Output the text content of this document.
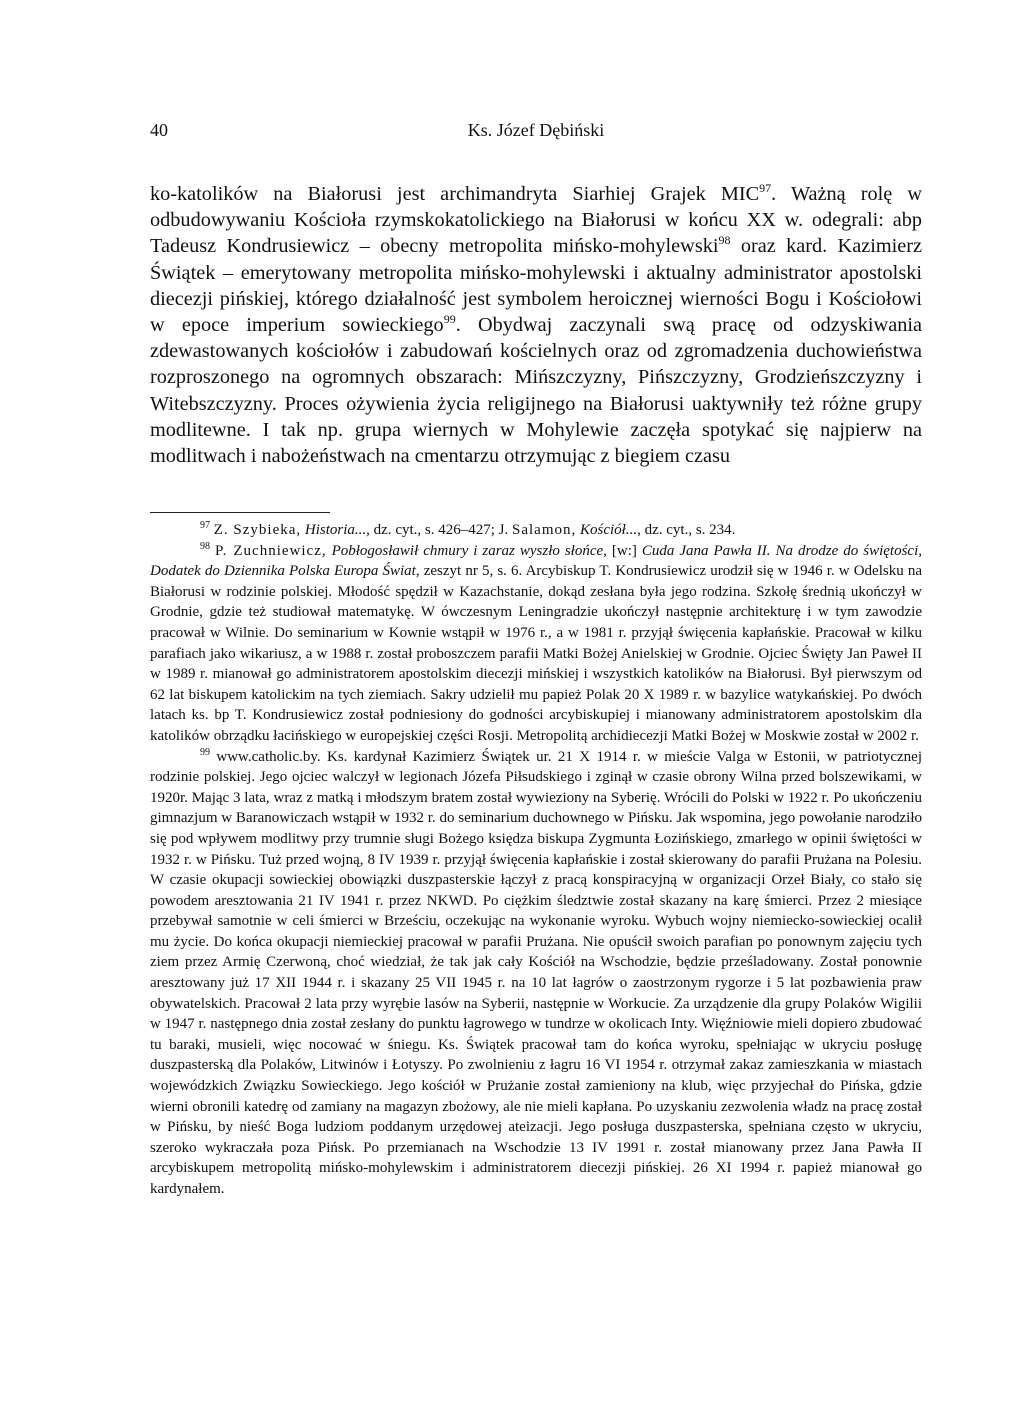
40	Ks. Józef Dębiński

ko-katolików na Białorusi jest archimandryta Siarhiej Grajek MIC$^{97}$. Ważną rolę w odbudowywaniu Kościoła rzymskokatolickiego na Białorusi w końcu XX w. odegrali: abp Tadeusz Kondrusiewicz – obecny metropolita mińsko-mohylewski$^{98}$ oraz kard. Kazimierz Świątek – emerytowany metropolita mińsko-mohylewski i aktualny administrator apostolski diecezji pińskiej, którego działalność jest symbolem heroicznej wierności Bogu i Kościołowi w epoce imperium sowieckiego$^{99}$. Obydwaj zaczynali swą pracę od odzyskiwania zdewastowanych kościołów i zabudowań kościelnych oraz od zgromadzenia duchowieństwa rozproszonego na ogromnych obszarach: Mińszczyzny, Pińszczyzny, Grodzieńszczyzny i Witebszczyzny. Proces ożywienia życia religijnego na Białorusi uaktywniły też różne grupy modlitewne. I tak np. grupa wiernych w Mohylewie zaczęła spotykać się najpierw na modlitwach i nabożeństwach na cmentarzu otrzymując z biegiem czasu

$^{97}$ Z. Szybieka, Historia..., dz. cyt., s. 426–427; J. Salamon, Kościół..., dz. cyt., s. 234.

$^{98}$ P. Zuchniewicz, Pobłogosławił chmury i zaraz wyszło słońce, [w:] Cuda Jana Pawła II. Na drodze do świętości, Dodatek do Dziennika Polska Europa Świat, zeszyt nr 5, s. 6. Arcybiskup T. Kondrusiewicz urodził się w 1946 r. w Odelsku na Białorusi w rodzinie polskiej. Młodość spędził w Kazachstanie, dokąd zesłana była jego rodzina. Szkołę średnią ukończył w Grodnie, gdzie też studiował matematykę. W ówczesnym Leningradzie ukończył następnie architekturę i w tym zawodzie pracował w Wilnie. Do seminarium w Kownie wstąpił w 1976 r., a w 1981 r. przyjął święcenia kapłańskie. Pracował w kilku parafiach jako wikariusz, a w 1988 r. został proboszczem parafii Matki Bożej Anielskiej w Grodnie. Ojciec Święty Jan Paweł II w 1989 r. mianował go administratorem apostolskim diecezji mińskiej i wszystkich katolików na Białorusi. Był pierwszym od 62 lat biskupem katolickim na tych ziemiach. Sakry udzielił mu papież Polak 20 X 1989 r. w bazylice watykańskiej. Po dwóch latach ks. bp T. Kondrusiewicz został podniesiony do godności arcybiskupiej i mianowany administratorem apostolskim dla katolików obrządku łacińskiego w europejskiej części Rosji. Metropolitą archidiecezji Matki Bożej w Moskwie został w 2002 r.

$^{99}$ www.catholic.by. Ks. kardynał Kazimierz Świątek ur. 21 X 1914 r. w mieście Valga w Estonii, w patriotycznej rodzinie polskiej. Jego ojciec walczył w legionach Józefa Piłsudskiego i zginął w czasie obrony Wilna przed bolszewikami, w 1920r. Mając 3 lata, wraz z matką i młodszym bratem został wywieziony na Syberię. Wrócili do Polski w 1922 r. Po ukończeniu gimnazjum w Baranowiczach wstąpił w 1932 r. do seminarium duchownego w Pińsku. Jak wspomina, jego powołanie narodziło się pod wpływem modlitwy przy trumnie sługi Bożego księdza biskupa Zygmunta Łozińskiego, zmarłego w opinii świętości w 1932 r. w Pińsku. Tuż przed wojną, 8 IV 1939 r. przyjął święcenia kapłańskie i został skierowany do parafii Prużana na Polesiu. W czasie okupacji sowieckiej obowiązki duszpasterskie łączył z pracą konspiracyjną w organizacji Orzeł Biały, co stało się powodem aresztowania 21 IV 1941 r. przez NKWD. Po ciężkim śledztwie został skazany na karę śmierci. Przez 2 miesiące przebywał samotnie w celi śmierci w Brześciu, oczekując na wykonanie wyroku. Wybuch wojny niemiecko-sowieckiej ocalił mu życie. Do końca okupacji niemieckiej pracował w parafii Prużana. Nie opuścił swoich parafian po ponownym zajęciu tych ziem przez Armię Czerwoną, choć wiedział, że tak jak cały Kościół na Wschodzie, będzie prześladowany. Został ponownie aresztowany już 17 XII 1944 r. i skazany 25 VII 1945 r. na 10 lat łagrów o zaostrzonym rygorze i 5 lat pozbawienia praw obywatelskich. Pracował 2 lata przy wyrębie lasów na Syberii, następnie w Workucie. Za urządzenie dla grupy Polaków Wigilii w 1947 r. następnego dnia został zesłany do punktu łagrowego w tundrze w okolicach Inty. Więźniowie mieli dopiero zbudować tu baraki, musieli, więc nocować w śniegu. Ks. Świątek pracował tam do końca wyroku, spełniając w ukryciu posługę duszpasterską dla Polaków, Litwinów i Łotyszy. Po zwolnieniu z łagru 16 VI 1954 r. otrzymał zakaz zamieszkania w miastach wojewódzkich Związku Sowieckiego. Jego kościół w Prużanie został zamieniony na klub, więc przyjechał do Pińska, gdzie wierni obronili katedrę od zamiany na magazyn zbożowy, ale nie mieli kapłana. Po uzyskaniu zezwolenia władz na pracę został w Pińsku, by nieść Boga ludziom poddanym urzędowej ateizacji. Jego posługa duszpasterska, spełniana często w ukryciu, szeroko wykraczała poza Pińsk. Po przemianach na Wschodzie 13 IV 1991 r. został mianowany przez Jana Pawła II arcybiskupem metropolitą mińsko-mohylewskim i administratorem diecezji pińskiej. 26 XI 1994 r. papież mianował go kardynałem.
